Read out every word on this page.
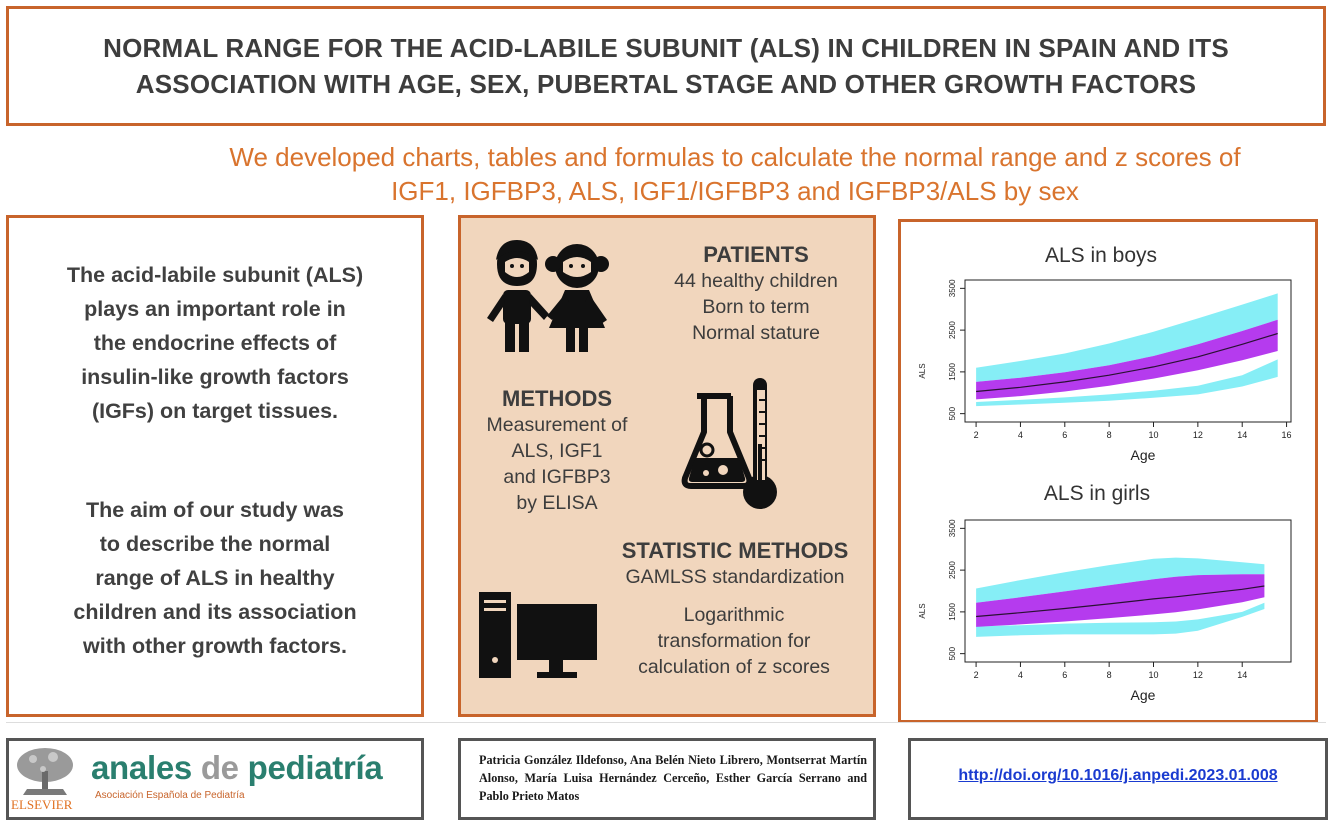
NORMAL RANGE FOR THE ACID-LABILE SUBUNIT (ALS) IN CHILDREN IN SPAIN AND ITS
ASSOCIATION WITH AGE, SEX, PUBERTAL STAGE AND OTHER GROWTH FACTORS
We developed charts, tables and formulas to calculate the normal range and z scores of
IGF1, IGFBP3, ALS, IGF1/IGFBP3 and IGFBP3/ALS by sex

The acid-labile subunit (ALS)

plays an important role in

the endocrine effects of

insulin-like growth factors

(IGFs) on target tissues.

The aim of our study was

to describe the normal

range of ALS in healthy

children and its association

with other growth factors.

PATIENTS
44 healthy children
Born to term
Normal stature
METHODS
Measurement of
ALS, IGF1
and IGFBP3
by ELISA
STATISTIC METHODS
GAMLSS standardization
Logarithmic
transformation for
calculation of z scores
ALS in boys
2	4	6	8	10	12	14	16
500
1500
2500
3500
Age
ALS
ALS in girls
2	4	6	8	10	12	14
500
1500
2500
3500
Age
ALS
ELSEVIER
anales de pediatría
Asociación Española de Pediatría
Patricia González Ildefonso, Ana Belén Nieto Librero, Montserrat Martín Alonso, María Luisa Hernández Cerceño, Esther García Serrano and Pablo Prieto Matos
http://doi.org/10.1016/j.anpedi.2023.01.008
